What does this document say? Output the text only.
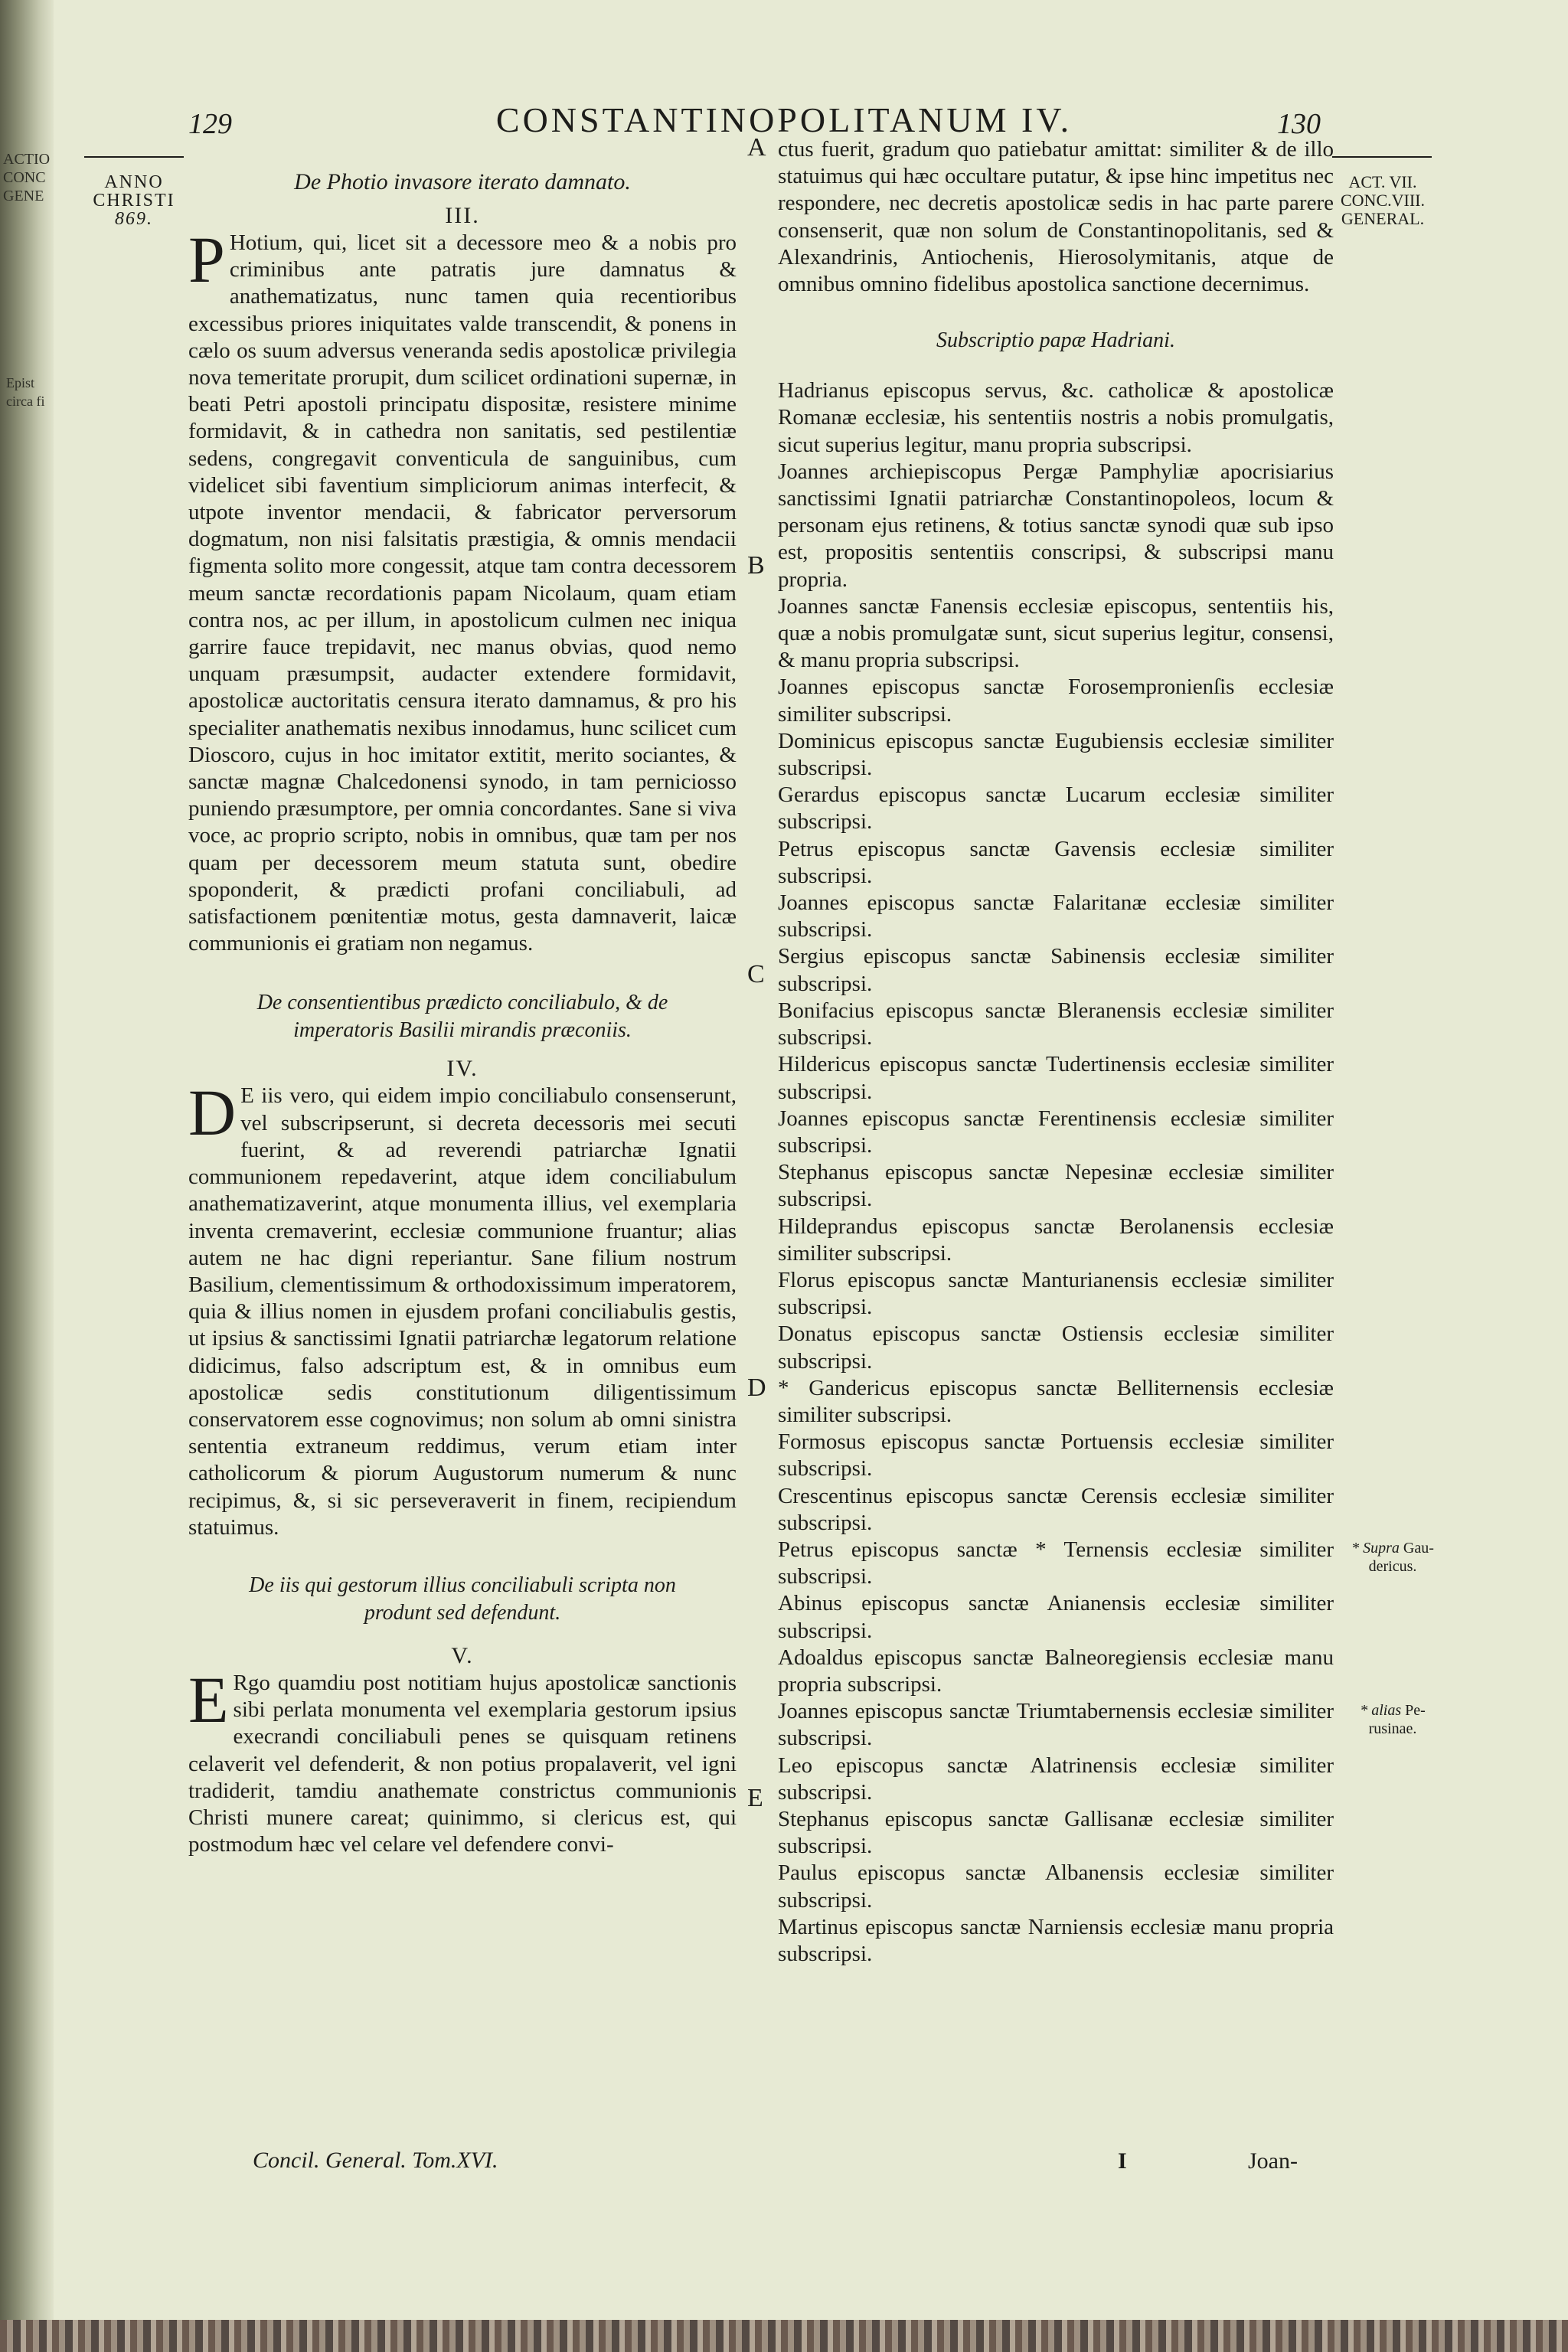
ACTIO
CONC
GENE
Epist
circa fi
129	CONSTANTINOPOLITANUM IV.	130
ANNO
CHRISTI
869.
ACT. VII.
CONC.VIII.
GENERAL.
* Supra Gau-
dericus.
* alias Pe-
rusinae.

De Photio invasore iterato damnato.

III.

P Hotium, qui, licet sit a decessore meo & a nobis pro criminibus ante patratis jure damnatus & anathematizatus, nunc tamen quia recentioribus excessibus priores iniquitates valde transcendit, & ponens in cælo os suum adversus veneranda sedis apostolicæ privilegia nova temeritate prorupit, dum scilicet ordinationi supernæ, in beati Petri apostoli principatu dispositæ, resistere minime formidavit, & in cathedra non sanitatis, sed pestilentiæ sedens, congregavit conventicula de sanguinibus, cum videlicet sibi faventium simpliciorum animas interfecit, & utpote inventor mendacii, & fabricator perversorum dogmatum, non nisi falsitatis præstigia, & omnis mendacii figmenta solito more congessit, atque tam contra decessorem meum sanctæ recordationis papam Nicolaum, quam etiam contra nos, ac per illum, in apostolicum culmen nec iniqua garrire fauce trepidavit, nec manus obvias, quod nemo unquam præsumpsit, audacter extendere formidavit, apostolicæ auctoritatis censura iterato damnamus, & pro his specialiter anathematis nexibus innodamus, hunc scilicet cum Dioscoro, cujus in hoc imitator extitit, merito sociantes, & sanctæ magnæ Chalcedonensi synodo, in tam perniciosso puniendo præsumptore, per omnia concordantes. Sane si viva voce, ac proprio scripto, nobis in omnibus, quæ tam per nos quam per decessorem meum statuta sunt, obedire spoponderit, & prædicti profani conciliabuli, ad satisfactionem pœnitentiæ motus, gesta damnaverit, laicæ communionis ei gratiam non negamus.

De consentientibus prædicto conciliabulo, & de
imperatoris Basilii mirandis præconiis.

IV.

D E iis vero, qui eidem impio conciliabulo consenserunt, vel subscripserunt, si decreta decessoris mei secuti fuerint, & ad reverendi patriarchæ Ignatii communionem repedaverint, atque idem conciliabulum anathematizaverint, atque monumenta illius, vel exemplaria inventa cremaverint, ecclesiæ communione fruantur; alias autem ne hac digni reperiantur. Sane filium nostrum Basilium, clementissimum & orthodoxissimum imperatorem, quia & illius nomen in ejusdem profani conciliabulis gestis, ut ipsius & sanctissimi Ignatii patriarchæ legatorum relatione didicimus, falso adscriptum est, & in omnibus eum apostolicæ sedis constitutionum diligentissimum conservatorem esse cognovimus; non solum ab omni sinistra sententia extraneum reddimus, verum etiam inter catholicorum & piorum Augustorum numerum & nunc recipimus, &, si sic perseveraverit in finem, recipiendum statuimus.

De iis qui gestorum illius conciliabuli scripta non
produnt sed defendunt.

V.

E Rgo quamdiu post notitiam hujus apostolicæ sanctionis sibi perlata monumenta vel exemplaria gestorum ipsius execrandi conciliabuli penes se quisquam retinens celaverit vel defenderit, & non potius propalaverit, vel igni tradiderit, tamdiu anathemate constrictus communionis Christi munere careat; quinimmo, si clericus est, qui postmodum hæc vel celare vel defendere convi-

Concil. General. Tom.XVI.
A
B
C
D
E

ctus fuerit, gradum quo patiebatur amittat: similiter & de illo statuimus qui hæc occultare putatur, & ipse hinc impetitus nec respondere, nec decretis apostolicæ sedis in hac parte parere consenserit, quæ non solum de Constantinopolitanis, sed & Alexandrinis, Antiochenis, Hierosolymitanis, atque de omnibus omnino fidelibus apostolica sanctione decernimus.

Subscriptio papæ Hadriani.

Hadrianus episcopus servus, &c. catholicæ & apostolicæ Romanæ ecclesiæ, his sententiis nostris a nobis promulgatis, sicut superius legitur, manu propria subscripsi.

Joannes archiepiscopus Pergæ Pamphyliæ apocrisiarius sanctissimi Ignatii patriarchæ Constantinopoleos, locum & personam ejus retinens, & totius sanctæ synodi quæ sub ipso est, propositis sententiis conscripsi, & subscripsi manu propria.

Joannes sanctæ Fanensis ecclesiæ episcopus, sententiis his, quæ a nobis promulgatæ sunt, sicut superius legitur, consensi, & manu propria subscripsi.

Joannes episcopus sanctæ Forosempronienſis ecclesiæ similiter subscripsi.

Dominicus episcopus sanctæ Eugubiensis ecclesiæ similiter subscripsi.

Gerardus episcopus sanctæ Lucarum ecclesiæ similiter subscripsi.

Petrus episcopus sanctæ Gavensis ecclesiæ similiter subscripsi.

Joannes episcopus sanctæ Falaritanæ ecclesiæ similiter subscripsi.

Sergius episcopus sanctæ Sabinensis ecclesiæ similiter subscripsi.

Bonifacius episcopus sanctæ Bleranensis ecclesiæ similiter subscripsi.

Hildericus episcopus sanctæ Tudertinensis ecclesiæ similiter subscripsi.

Joannes episcopus sanctæ Ferentinensis ecclesiæ similiter subscripsi.

Stephanus episcopus sanctæ Nepesinæ ecclesiæ similiter subscripsi.

Hildeprandus episcopus sanctæ Berolanensis ecclesiæ similiter subscripsi.

Florus episcopus sanctæ Manturianensis ecclesiæ similiter subscripsi.

Donatus episcopus sanctæ Ostiensis ecclesiæ similiter subscripsi.

* Gandericus episcopus sanctæ Belliternensis ecclesiæ similiter subscripsi.

Formosus episcopus sanctæ Portuensis ecclesiæ similiter subscripsi.

Crescentinus episcopus sanctæ Cerensis ecclesiæ similiter subscripsi.

Petrus episcopus sanctæ * Ternensis ecclesiæ similiter subscripsi.

Abinus episcopus sanctæ Anianensis ecclesiæ similiter subscripsi.

Adoaldus episcopus sanctæ Balneoregiensis ecclesiæ manu propria subscripsi.

Joannes episcopus sanctæ Triumtabernensis ecclesiæ similiter subscripsi.

Leo episcopus sanctæ Alatrinensis ecclesiæ similiter subscripsi.

Stephanus episcopus sanctæ Gallisanæ ecclesiæ similiter subscripsi.

Paulus episcopus sanctæ Albanensis ecclesiæ similiter subscripsi.

Martinus episcopus sanctæ Narniensis ecclesiæ manu propria subscripsi.

I	Joan-
